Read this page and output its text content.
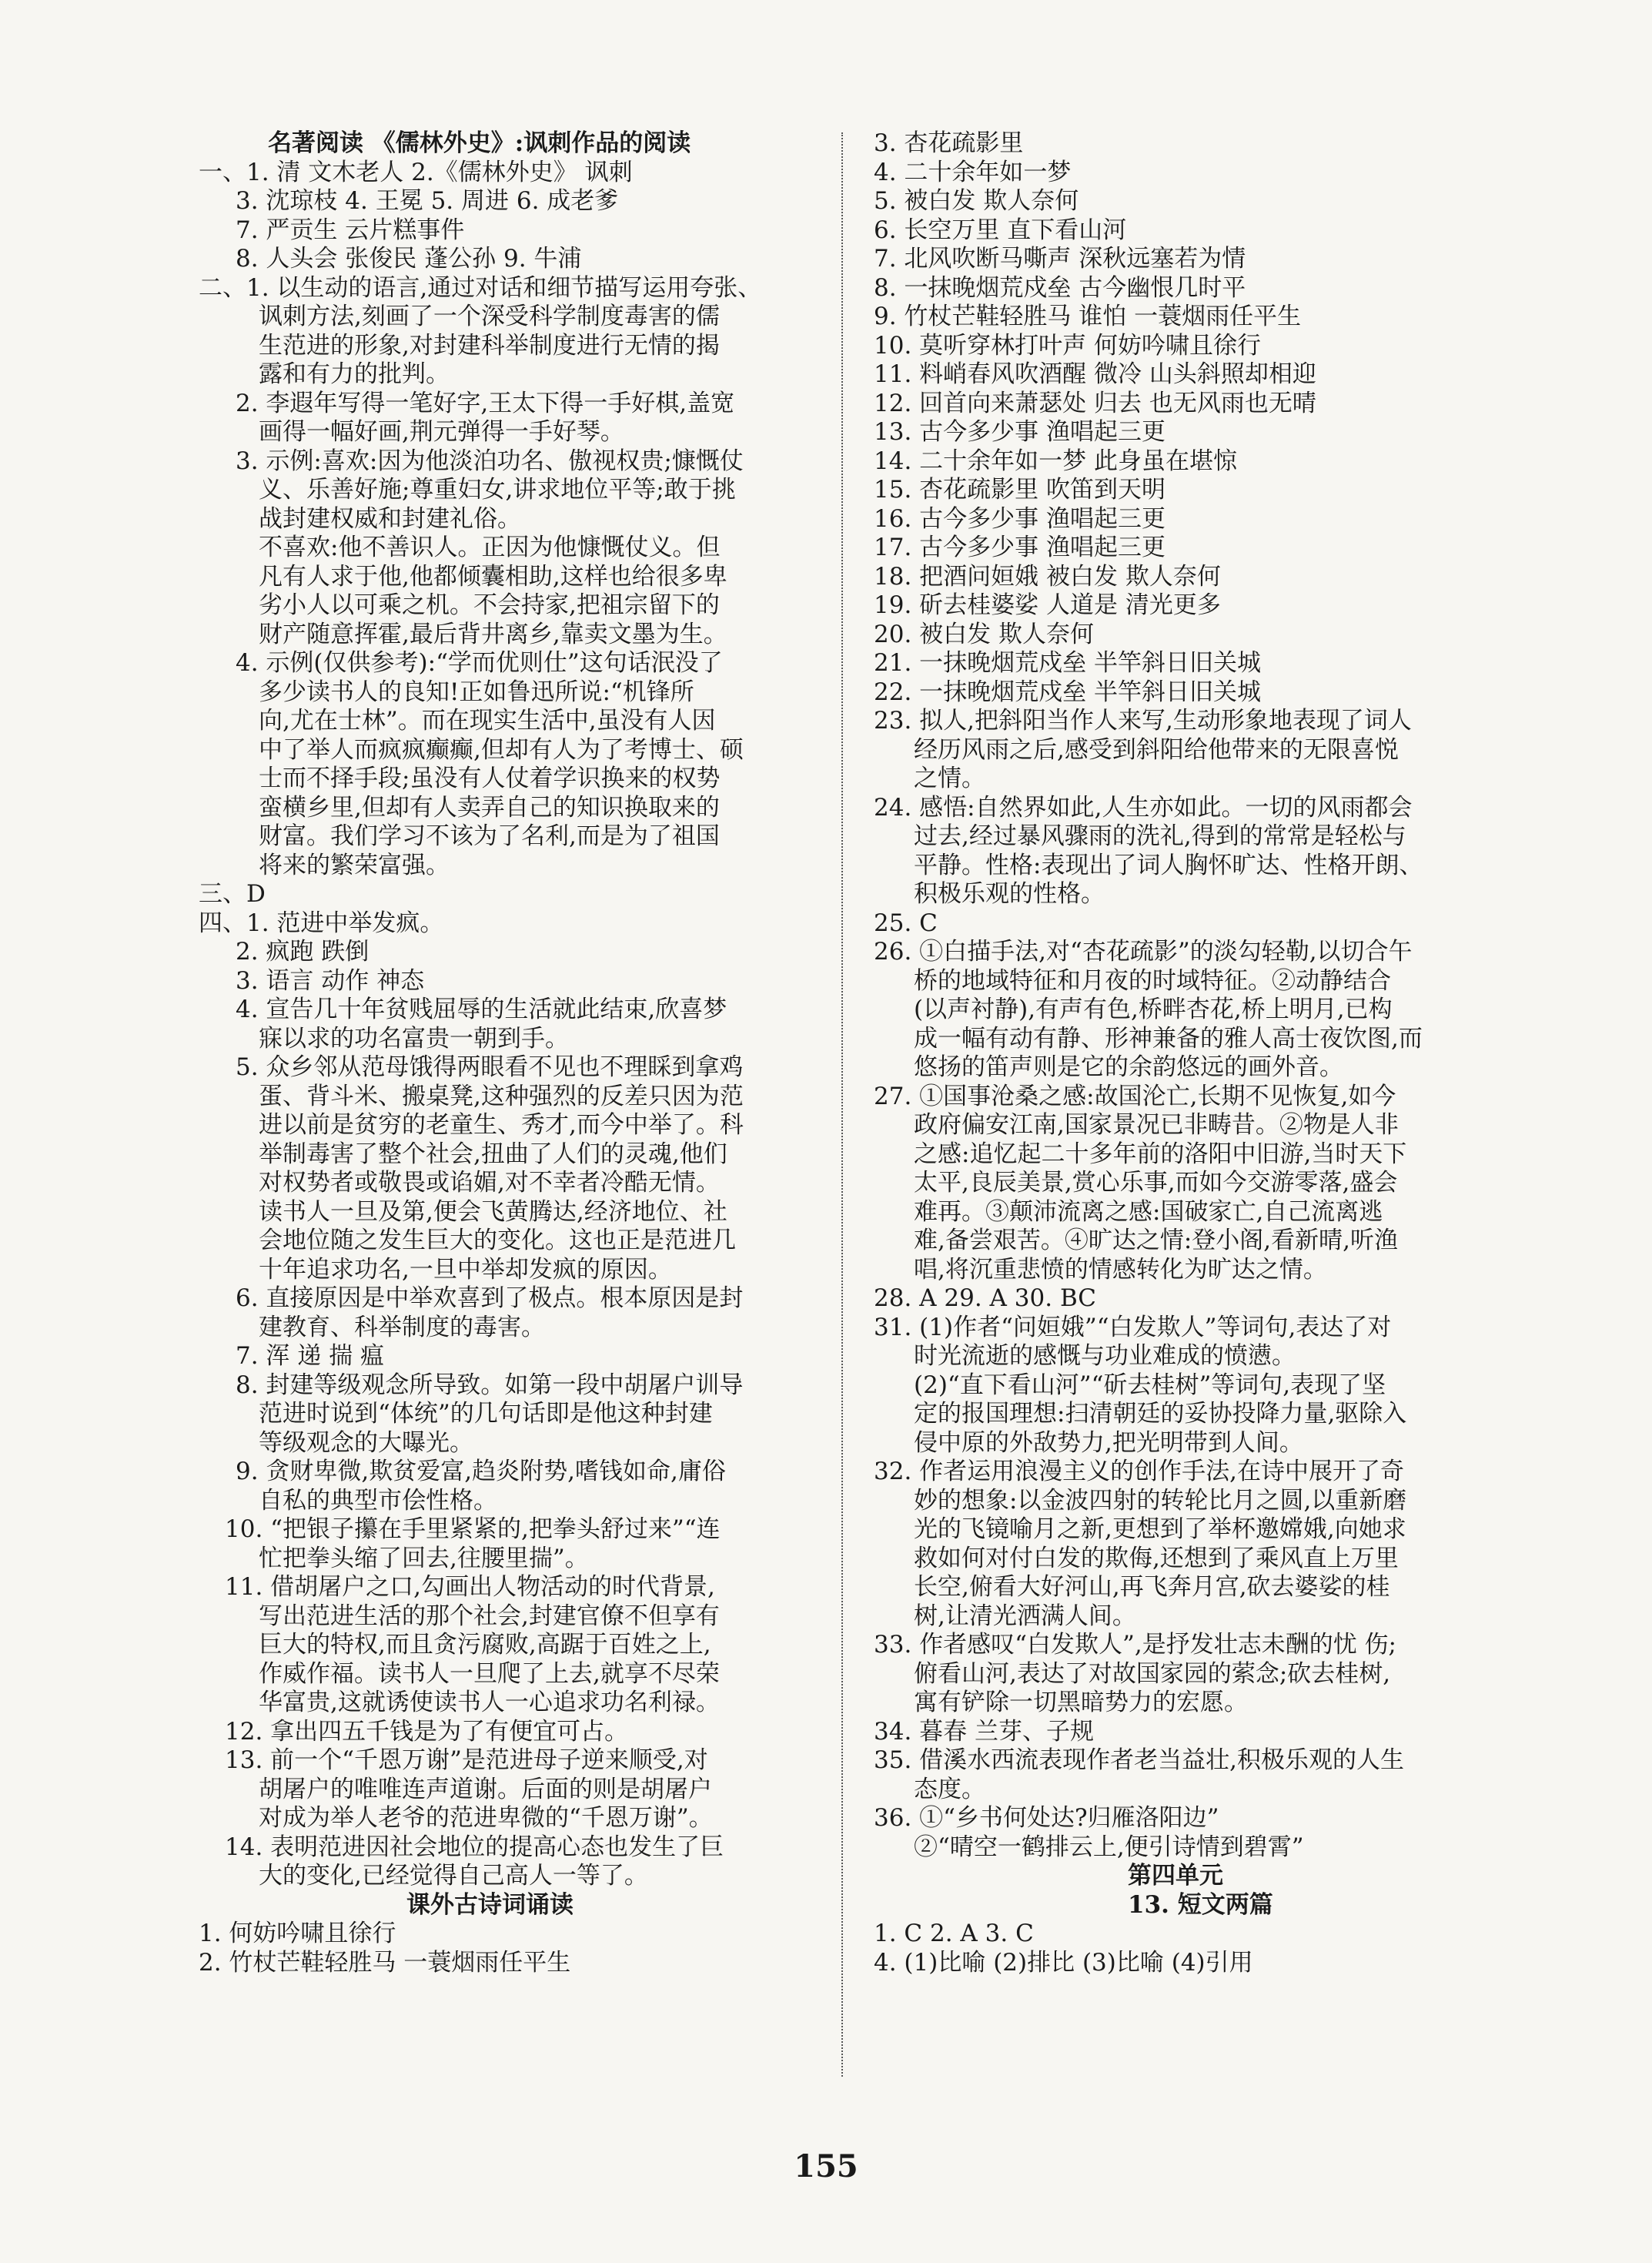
名著阅读 《儒林外史》:讽刺作品的阅读
一、1. 清 文木老人 2.《儒林外史》 讽刺
3. 沈琼枝 4. 王冕 5. 周进 6. 成老爹
7. 严贡生 云片糕事件
8. 人头会 张俊民 蓬公孙 9. 牛浦
二、1. 以生动的语言,通过对话和细节描写运用夸张、
讽刺方法,刻画了一个深受科学制度毒害的儒
生范进的形象,对封建科举制度进行无情的揭
露和有力的批判。
2. 李遐年写得一笔好字,王太下得一手好棋,盖宽
画得一幅好画,荆元弹得一手好琴。
3. 示例:喜欢:因为他淡泊功名、傲视权贵;慷慨仗
义、乐善好施;尊重妇女,讲求地位平等;敢于挑
战封建权威和封建礼俗。
不喜欢:他不善识人。正因为他慷慨仗义。但
凡有人求于他,他都倾囊相助,这样也给很多卑
劣小人以可乘之机。不会持家,把祖宗留下的
财产随意挥霍,最后背井离乡,靠卖文墨为生。
4. 示例(仅供参考):“学而优则仕”这句话泯没了
多少读书人的良知!正如鲁迅所说:“机锋所
向,尤在士林”。而在现实生活中,虽没有人因
中了举人而疯疯癫癫,但却有人为了考博士、硕
士而不择手段;虽没有人仗着学识换来的权势
蛮横乡里,但却有人卖弄自己的知识换取来的
财富。我们学习不该为了名利,而是为了祖国
将来的繁荣富强。
三、D
四、1. 范进中举发疯。
2. 疯跑 跌倒
3. 语言 动作 神态
4. 宣告几十年贫贱屈辱的生活就此结束,欣喜梦
寐以求的功名富贵一朝到手。
5. 众乡邻从范母饿得两眼看不见也不理睬到拿鸡
蛋、背斗米、搬桌凳,这种强烈的反差只因为范
进以前是贫穷的老童生、秀才,而今中举了。科
举制毒害了整个社会,扭曲了人们的灵魂,他们
对权势者或敬畏或谄媚,对不幸者冷酷无情。
读书人一旦及第,便会飞黄腾达,经济地位、社
会地位随之发生巨大的变化。这也正是范进几
十年追求功名,一旦中举却发疯的原因。
6. 直接原因是中举欢喜到了极点。根本原因是封
建教育、科举制度的毒害。
7. 浑 递 揣 瘟
8. 封建等级观念所导致。如第一段中胡屠户训导
范进时说到“体统”的几句话即是他这种封建
等级观念的大曝光。
9. 贪财卑微,欺贫爱富,趋炎附势,嗜钱如命,庸俗
自私的典型市侩性格。
10. “把银子攥在手里紧紧的,把拳头舒过来”“连
忙把拳头缩了回去,往腰里揣”。
11. 借胡屠户之口,勾画出人物活动的时代背景,
写出范进生活的那个社会,封建官僚不但享有
巨大的特权,而且贪污腐败,高踞于百姓之上,
作威作福。读书人一旦爬了上去,就享不尽荣
华富贵,这就诱使读书人一心追求功名利禄。
12. 拿出四五千钱是为了有便宜可占。
13. 前一个“千恩万谢”是范进母子逆来顺受,对
胡屠户的唯唯连声道谢。后面的则是胡屠户
对成为举人老爷的范进卑微的“千恩万谢”。
14. 表明范进因社会地位的提高心态也发生了巨
大的变化,已经觉得自己高人一等了。
课外古诗词诵读
1. 何妨吟啸且徐行
2. 竹杖芒鞋轻胜马 一蓑烟雨任平生
3. 杏花疏影里
4. 二十余年如一梦
5. 被白发 欺人奈何
6. 长空万里 直下看山河
7. 北风吹断马嘶声 深秋远塞若为情
8. 一抹晚烟荒戍垒 古今幽恨几时平
9. 竹杖芒鞋轻胜马 谁怕 一蓑烟雨任平生
10. 莫听穿林打叶声 何妨吟啸且徐行
11. 料峭春风吹酒醒 微冷 山头斜照却相迎
12. 回首向来萧瑟处 归去 也无风雨也无晴
13. 古今多少事 渔唱起三更
14. 二十余年如一梦 此身虽在堪惊
15. 杏花疏影里 吹笛到天明
16. 古今多少事 渔唱起三更
17. 古今多少事 渔唱起三更
18. 把酒问姮娥 被白发 欺人奈何
19. 斫去桂婆娑 人道是 清光更多
20. 被白发 欺人奈何
21. 一抹晚烟荒戍垒 半竿斜日旧关城
22. 一抹晚烟荒戍垒 半竿斜日旧关城
23. 拟人,把斜阳当作人来写,生动形象地表现了词人
经历风雨之后,感受到斜阳给他带来的无限喜悦
之情。
24. 感悟:自然界如此,人生亦如此。一切的风雨都会
过去,经过暴风骤雨的洗礼,得到的常常是轻松与
平静。性格:表现出了词人胸怀旷达、性格开朗、
积极乐观的性格。
25. C
26. ①白描手法,对“杏花疏影”的淡勾轻勒,以切合午
桥的地域特征和月夜的时域特征。②动静结合
(以声衬静),有声有色,桥畔杏花,桥上明月,已构
成一幅有动有静、形神兼备的雅人高士夜饮图,而
悠扬的笛声则是它的余韵悠远的画外音。
27. ①国事沧桑之感:故国沦亡,长期不见恢复,如今
政府偏安江南,国家景况已非畴昔。②物是人非
之感:追忆起二十多年前的洛阳中旧游,当时天下
太平,良辰美景,赏心乐事,而如今交游零落,盛会
难再。③颠沛流离之感:国破家亡,自己流离逃
难,备尝艰苦。④旷达之情:登小阁,看新晴,听渔
唱,将沉重悲愤的情感转化为旷达之情。
28. A 29. A 30. BC
31. (1)作者“问姮娥”“白发欺人”等词句,表达了对
时光流逝的感慨与功业难成的愤懑。
(2)“直下看山河”“斫去桂树”等词句,表现了坚
定的报国理想:扫清朝廷的妥协投降力量,驱除入
侵中原的外敌势力,把光明带到人间。
32. 作者运用浪漫主义的创作手法,在诗中展开了奇
妙的想象:以金波四射的转轮比月之圆,以重新磨
光的飞镜喻月之新,更想到了举杯邀嫦娥,向她求
救如何对付白发的欺侮,还想到了乘风直上万里
长空,俯看大好河山,再飞奔月宫,砍去婆娑的桂
树,让清光洒满人间。
33. 作者感叹“白发欺人”,是抒发壮志未酬的忧 伤;
俯看山河,表达了对故国家园的萦念;砍去桂树,
寓有铲除一切黑暗势力的宏愿。
34. 暮春 兰芽、子规
35. 借溪水西流表现作者老当益壮,积极乐观的人生
态度。
36. ①“乡书何处达?归雁洛阳边”
②“晴空一鹤排云上,便引诗情到碧霄”
第四单元
13. 短文两篇
1. C 2. A 3. C
4. (1)比喻 (2)排比 (3)比喻 (4)引用
155
